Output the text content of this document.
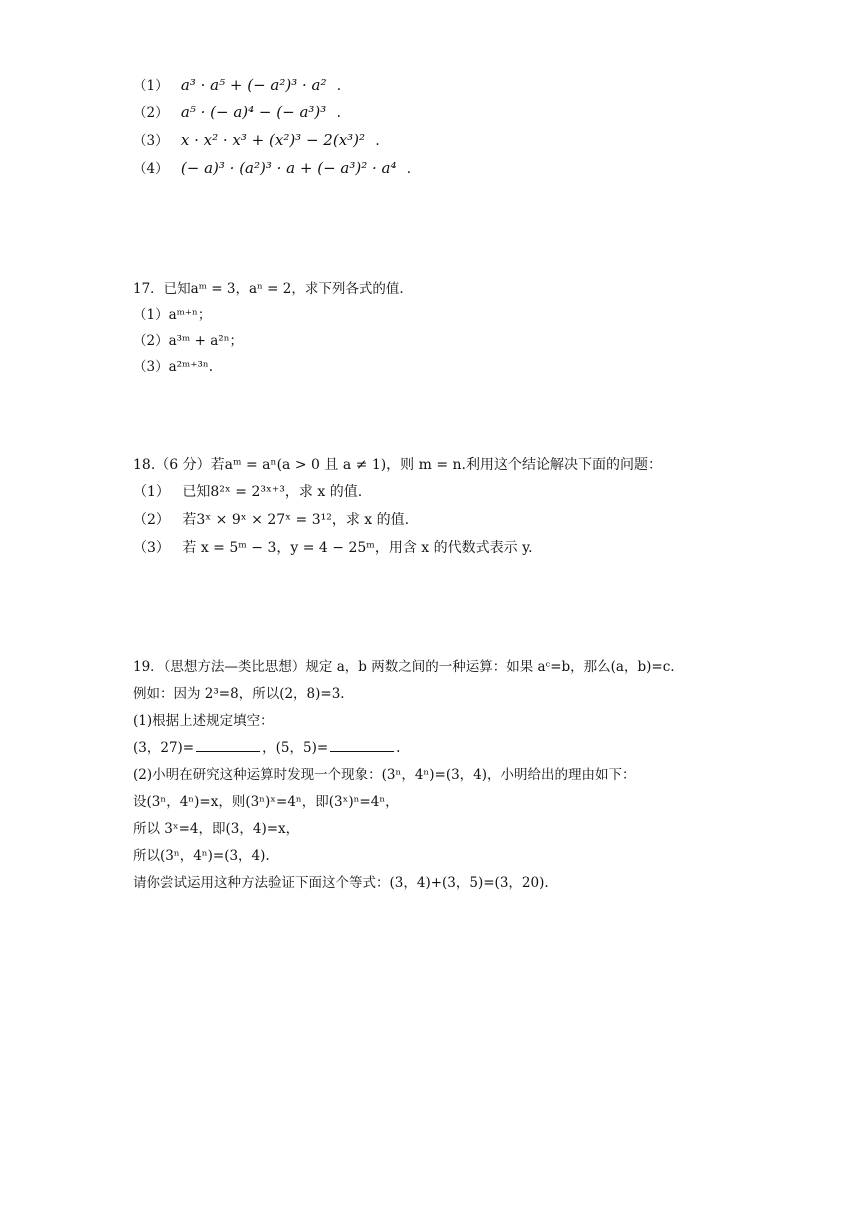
（1） a³ · a⁵ + (− a²)³ · a² .
（2） a⁵ · (− a)⁴ − (− a³)³ .
（3） x · x² · x³ + (x²)³ − 2(x³)² .
（4） (− a)³ · (a²)³ · a + (− a³)² · a⁴ .
17．已知aᵐ = 3，aⁿ = 2，求下列各式的值.
（1）aᵐ⁺ⁿ；
（2）a³ᵐ + a²ⁿ；
（3）a²ᵐ⁺³ⁿ.
18.（6 分）若aᵐ = aⁿ(a > 0 且 a ≠ 1)，则 m = n.利用这个结论解决下面的问题：
（1） 已知8²ˣ = 2³ˣ⁺³，求 x 的值.
（2） 若3ˣ × 9ˣ × 27ˣ = 3¹²，求 x 的值.
（3） 若 x = 5ᵐ − 3，y = 4 − 25ᵐ，用含 x 的代数式表示 y.
19．（思想方法—类比思想）规定 a，b 两数之间的一种运算：如果 aᶜ=b，那么(a，b)=c.
例如：因为 2³=8，所以(2，8)=3.
(1)根据上述规定填空：
(3，27)=	，(5，5)=	.
(2)小明在研究这种运算时发现一个现象：(3ⁿ，4ⁿ)=(3，4)，小明给出的理由如下：
设(3ⁿ，4ⁿ)=x，则(3ⁿ)ˣ=4ⁿ，即(3ˣ)ⁿ=4ⁿ，
所以 3ˣ=4，即(3，4)=x，
所以(3ⁿ，4ⁿ)=(3，4).
请你尝试运用这种方法验证下面这个等式：(3，4)+(3，5)=(3，20).
